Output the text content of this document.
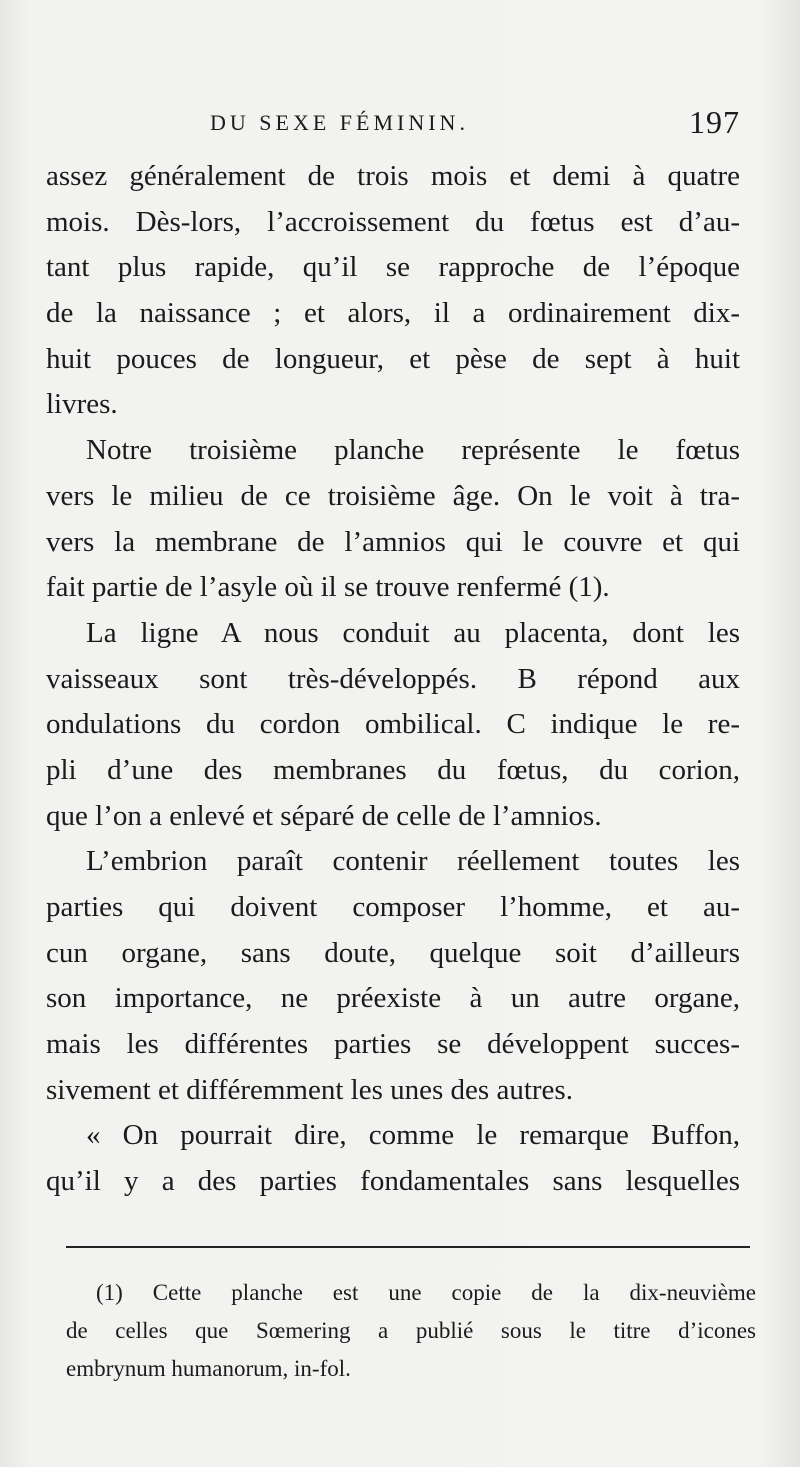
DU SEXE FÉMININ.	197
assez généralement de trois mois et demi à quatre
mois. Dès-lors, l’accroissement du fœtus est d’au-
tant plus rapide, qu’il se rapproche de l’époque
de la naissance ; et alors, il a ordinairement dix-
huit pouces de longueur, et pèse de sept à huit
livres.
Notre troisième planche représente le fœtus
vers le milieu de ce troisième âge. On le voit à tra-
vers la membrane de l’amnios qui le couvre et qui
fait partie de l’asyle où il se trouve renfermé (1).
La ligne A nous conduit au placenta, dont les
vaisseaux sont très-développés. B répond aux
ondulations du cordon ombilical. C indique le re-
pli d’une des membranes du fœtus, du corion,
que l’on a enlevé et séparé de celle de l’amnios.
L’embrion paraît contenir réellement toutes les
parties qui doivent composer l’homme, et au-
cun organe, sans doute, quelque soit d’ailleurs
son importance, ne préexiste à un autre organe,
mais les différentes parties se développent succes-
sivement et différemment les unes des autres.
« On pourrait dire, comme le remarque Buffon,
qu’il y a des parties fondamentales sans lesquelles
(1) Cette planche est une copie de la dix-neuvième
de celles que Sœmering a publié sous le titre d’icones
embrynum humanorum, in-fol.
